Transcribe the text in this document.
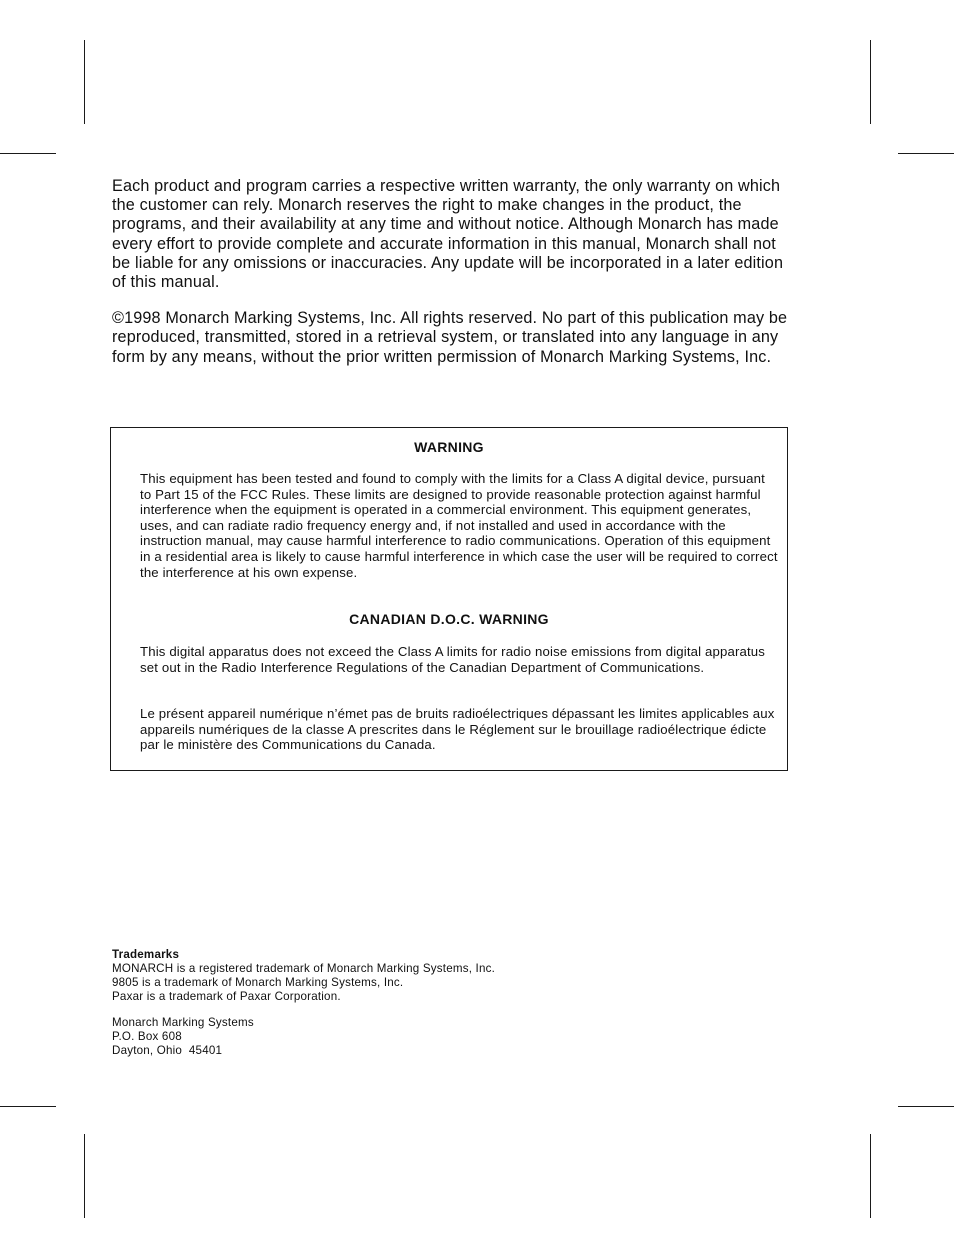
Each product and program carries a respective written warranty, the only warranty on which the customer can rely. Monarch reserves the right to make changes in the product, the programs, and their availability at any time and without notice. Although Monarch has made every effort to provide complete and accurate information in this manual, Monarch shall not be liable for any omissions or inaccuracies. Any update will be incorporated in a later edition of this manual.

©1998 Monarch Marking Systems, Inc. All rights reserved. No part of this publication may be reproduced, transmitted, stored in a retrieval system, or translated into any language in any form by any means, without the prior written permission of Monarch Marking Systems, Inc.

WARNING

This equipment has been tested and found to comply with the limits for a Class A digital device, pursuant to Part 15 of the FCC Rules. These limits are designed to provide reasonable protection against harmful interference when the equipment is operated in a commercial environment. This equipment generates, uses, and can radiate radio frequency energy and, if not installed and used in accordance with the instruction manual, may cause harmful interference to radio communications. Operation of this equipment in a residential area is likely to cause harmful interference in which case the user will be required to correct the interference at his own expense.

CANADIAN D.O.C. WARNING

This digital apparatus does not exceed the Class A limits for radio noise emissions from digital apparatus set out in the Radio Interference Regulations of the Canadian Department of Communications.

Le présent appareil numérique n’émet pas de bruits radioélectriques dépassant les limites applicables aux appareils numériques de la classe A prescrites dans le Réglement sur le brouillage radioélectrique édicte par le ministère des Communications du Canada.

Trademarks
MONARCH is a registered trademark of Monarch Marking Systems, Inc.
9805 is a trademark of Monarch Marking Systems, Inc.
Paxar is a trademark of Paxar Corporation.
Monarch Marking Systems
P.O. Box 608
Dayton, Ohio  45401
